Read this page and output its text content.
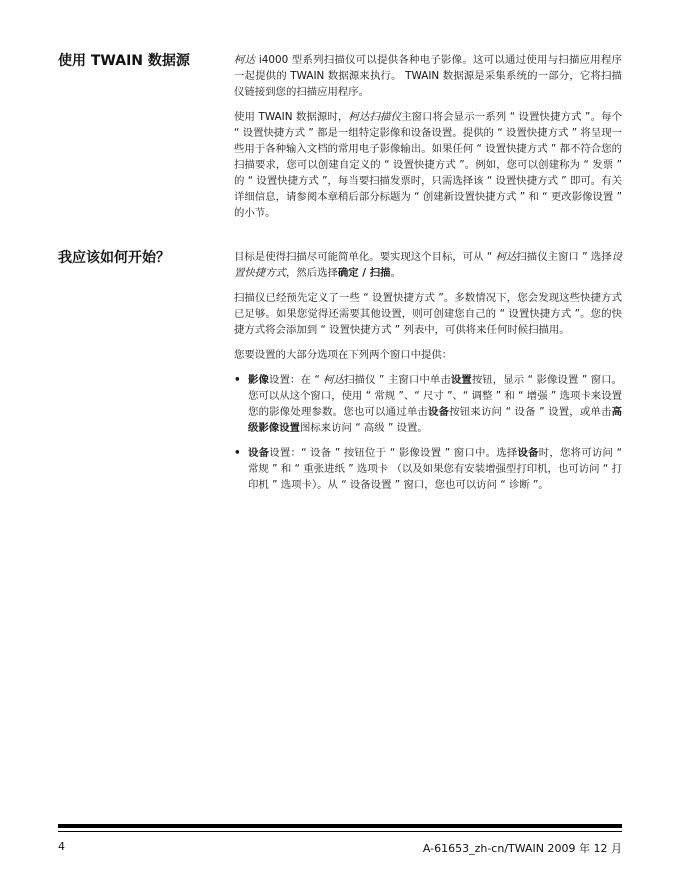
使用 TWAIN 数据源	柯达 i4000 型系列扫描仪可以提供各种电子影像。这可以通过使用与扫描应用程序一起提供的 TWAIN 数据源来执行。 TWAIN 数据源是采集系统的一部分，它将扫描仪链接到您的扫描应用程序。

使用 TWAIN 数据源时，柯达扫描仪主窗口将会显示一系列 “ 设置快捷方式 ”。每个 “ 设置快捷方式 ” 都是一组特定影像和设备设置。提供的 “ 设置快捷方式 ” 将呈现一些用于各种输入文档的常用电子影像输出。如果任何 “ 设置快捷方式 ” 都不符合您的扫描要求，您可以创建自定义的 “ 设置快捷方式 ”。例如，您可以创建称为 “ 发票 ” 的 “ 设置快捷方式 ”，每当要扫描发票时，只需选择该 “ 设置快捷方式 ” 即可。有关详细信息，请参阅本章稍后部分标题为 “ 创建新设置快捷方式 ” 和 “ 更改影像设置 ” 的小节。

我应该如何开始？	目标是使得扫描尽可能简单化。要实现这个目标，可从 “ 柯达扫描仪主窗口 ” 选择设置快捷方式，然后选择确定 / 扫描。

扫描仪已经预先定义了一些 “ 设置快捷方式 ”。多数情况下，您会发现这些快捷方式已足够。如果您觉得还需要其他设置，则可创建您自己的 “ 设置快捷方式 ”。您的快捷方式将会添加到 “ 设置快捷方式 ” 列表中，可供将来任何时候扫描用。

您要设置的大部分选项在下列两个窗口中提供：

• 影像设置：在 “ 柯达扫描仪 ” 主窗口中单击设置按钮，显示 “ 影像设置 ” 窗口。您可以从这个窗口，使用 “ 常规 ”、“ 尺寸 ”、“ 调整 ” 和 “ 增强 ” 选项卡来设置您的影像处理参数。您也可以通过单击设备按钮来访问 “ 设备 ” 设置，或单击高级影像设置图标来访问 “ 高级 ” 设置。
• 设备设置：“ 设备 ” 按钮位于 “ 影像设置 ” 窗口中。选择设备时，您将可访问 “ 常规 ” 和 “ 重张进纸 ” 选项卡 （以及如果您有安装增强型打印机，也可访问 “ 打印机 ” 选项卡）。从 “ 设备设置 ” 窗口，您也可以访问 “ 诊断 ”。
4	A-61653_zh-cn/TWAIN 2009 年 12 月
